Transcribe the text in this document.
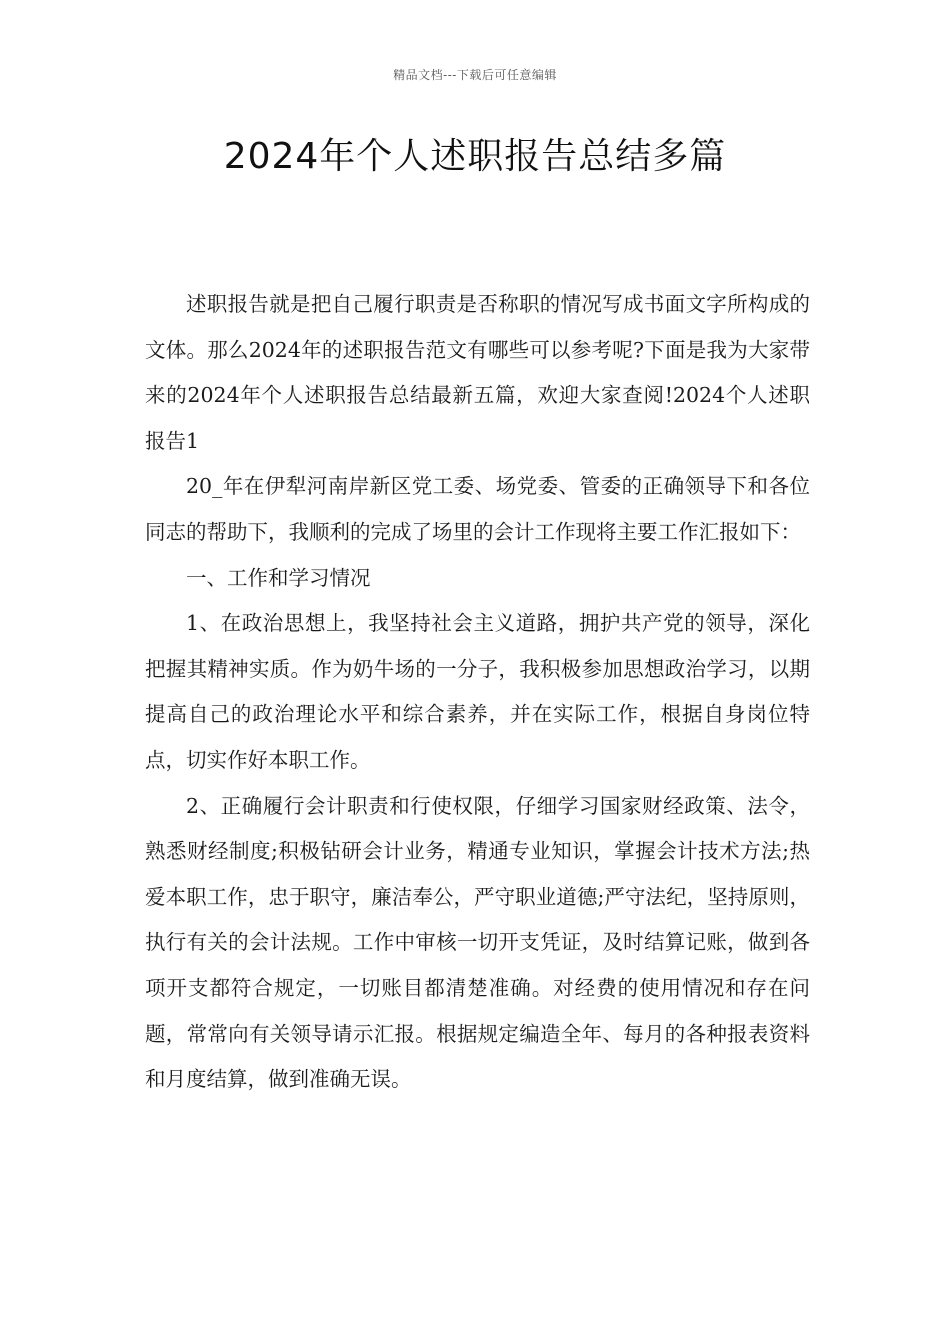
精品文档---下载后可任意编辑
2024年个人述职报告总结多篇

述职报告就是把自己履行职责是否称职的情况写成书面文字所构成的文体。那么2024年的述职报告范文有哪些可以参考呢?下面是我为大家带来的2024年个人述职报告总结最新五篇，欢迎大家查阅!2024个人述职报告1

20_年在伊犁河南岸新区党工委、场党委、管委的正确领导下和各位同志的帮助下，我顺利的完成了场里的会计工作现将主要工作汇报如下：

一、工作和学习情况

1、在政治思想上，我坚持社会主义道路，拥护共产党的领导，深化把握其精神实质。作为奶牛场的一分子，我积极参加思想政治学习，以期提高自己的政治理论水平和综合素养，并在实际工作，根据自身岗位特点，切实作好本职工作。

2、正确履行会计职责和行使权限，仔细学习国家财经政策、法令，熟悉财经制度;积极钻研会计业务，精通专业知识，掌握会计技术方法;热爱本职工作，忠于职守，廉洁奉公，严守职业道德;严守法纪，坚持原则，执行有关的会计法规。工作中审核一切开支凭证，及时结算记账，做到各项开支都符合规定，一切账目都清楚准确。对经费的使用情况和存在问题，常常向有关领导请示汇报。根据规定编造全年、每月的各种报表资料和月度结算，做到准确无误。
